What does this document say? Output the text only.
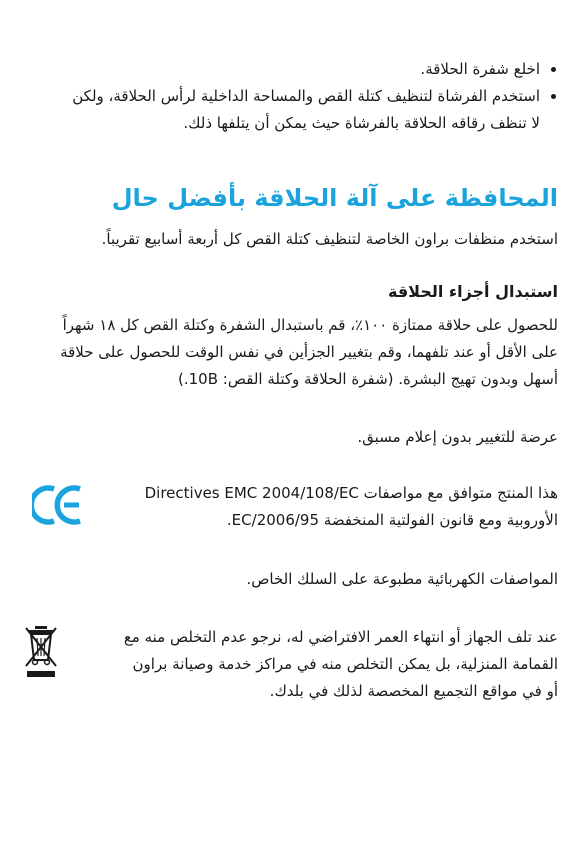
اخلع شفرة الحلاقة.
استخدم الفرشاة لتنظيف كتلة القص والمساحة الداخلية لرأس الحلاقة، ولكن
لا تنظف رقاقه الحلاقة بالفرشاة حيث يمكن أن يتلفها ذلك.
المحافظة على آلة الحلاقة بأفضل حال

استخدم منظفات براون الخاصة لتنظيف كتلة القص كل أربعة أسابيع تقريباً.

استبدال أجزاء الحلاقة

للحصول على حلاقة ممتازة ١٠٠٪، قم باستبدال الشفرة وكتلة القص كل ١٨ شهراً
على الأقل أو عند تلفهما، وقم بتغيير الجزأين في نفس الوقت للحصول على حلاقة
أسهل وبدون تهيج البشرة. (شفرة الحلاقة وكتلة القص: 10B.)

عرضة للتغيير بدون إعلام مسبق.

هذا المنتج متوافق مع مواصفات Directives EMC 2004/108/EC
الأوروبية ومع قانون الفولتية المنخفضة 2006/95/EC.

المواصفات الكهربائية مطبوعة على السلك الخاص.

عند تلف الجهاز أو انتهاء العمر الافتراضي له، نرجو عدم التخلص منه مع
القمامة المنزلية، بل يمكن التخلص منه في مراكز خدمة وصيانة براون
أو في مواقع التجميع المخصصة لذلك في بلدك.
